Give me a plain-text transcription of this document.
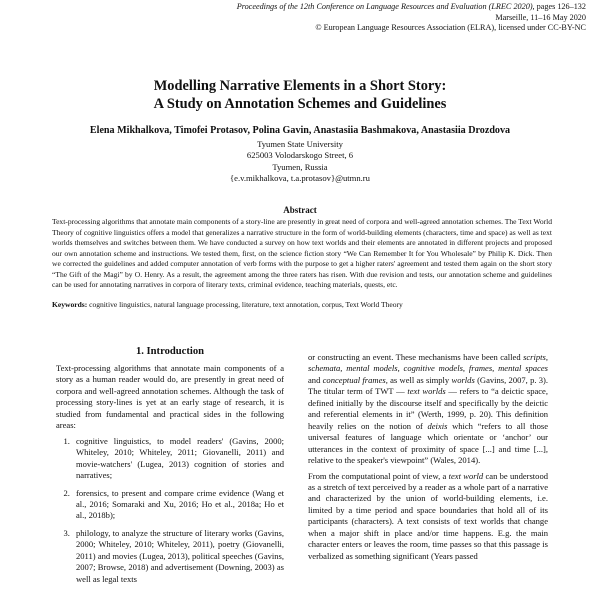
Proceedings of the 12th Conference on Language Resources and Evaluation (LREC 2020), pages 126–132
Marseille, 11–16 May 2020
© European Language Resources Association (ELRA), licensed under CC-BY-NC
Modelling Narrative Elements in a Short Story:
A Study on Annotation Schemes and Guidelines
Elena Mikhalkova, Timofei Protasov, Polina Gavin, Anastasiia Bashmakova, Anastasiia Drozdova
Tyumen State University
625003 Volodarskogo Street, 6
Tyumen, Russia
{e.v.mikhalkova, t.a.protasov}@utmn.ru
Abstract
Text-processing algorithms that annotate main components of a story-line are presently in great need of corpora and well-agreed annotation schemes. The Text World Theory of cognitive linguistics offers a model that generalizes a narrative structure in the form of world-building elements (characters, time and space) as well as text worlds themselves and switches between them. We have conducted a survey on how text worlds and their elements are annotated in different projects and proposed our own annotation scheme and instructions. We tested them, first, on the science fiction story “We Can Remember It for You Wholesale” by Philip K. Dick. Then we corrected the guidelines and added computer annotation of verb forms with the purpose to get a higher raters' agreement and tested them again on the short story “The Gift of the Magi” by O. Henry. As a result, the agreement among the three raters has risen. With due revision and tests, our annotation scheme and guidelines can be used for annotating narratives in corpora of literary texts, criminal evidence, teaching materials, quests, etc.
Keywords: cognitive linguistics, natural language processing, literature, text annotation, corpus, Text World Theory
1. Introduction

Text-processing algorithms that annotate main components of a story as a human reader would do, are presently in great need of corpora and well-agreed annotation schemes. Although the task of processing story-lines is yet at an early stage of research, it is studied from fundamental and practical sides in the following areas:

1. cognitive linguistics, to model readers' (Gavins, 2000; Whiteley, 2010; Whiteley, 2011; Giovanelli, 2011) and movie-watchers' (Lugea, 2013) cognition of stories and narratives;
2. forensics, to present and compare crime evidence (Wang et al., 2016; Somaraki and Xu, 2016; Ho et al., 2018a; Ho et al., 2018b);
3. philology, to analyze the structure of literary works (Gavins, 2000; Whiteley, 2010; Whiteley, 2011), poetry (Giovanelli, 2011) and movies (Lugea, 2013), political speeches (Gavins, 2007; Browse, 2018) and advertisement (Downing, 2003) as well as legal texts

or constructing an event. These mechanisms have been called scripts, schemata, mental models, cognitive models, frames, mental spaces and conceptual frames, as well as simply worlds (Gavins, 2007, p. 3). The titular term of TWT — text worlds — refers to “a deictic space, defined initially by the discourse itself and specifically by the deictic and referential elements in it” (Werth, 1999, p. 20). This definition heavily relies on the notion of deixis which “refers to all those universal features of language which orientate or ‘anchor’ our utterances in the context of proximity of space [...] and time [...], relative to the speaker's viewpoint” (Wales, 2014).

From the computational point of view, a text world can be understood as a stretch of text perceived by a reader as a whole part of a narrative and characterized by the union of world-building elements, i.e. limited by a time period and space boundaries that hold all of its participants (characters). A text consists of text worlds that change when a major shift in place and/or time happens. E.g. the main character enters or leaves the room, time passes so that this passage is verbalized as something significant (Years passed
